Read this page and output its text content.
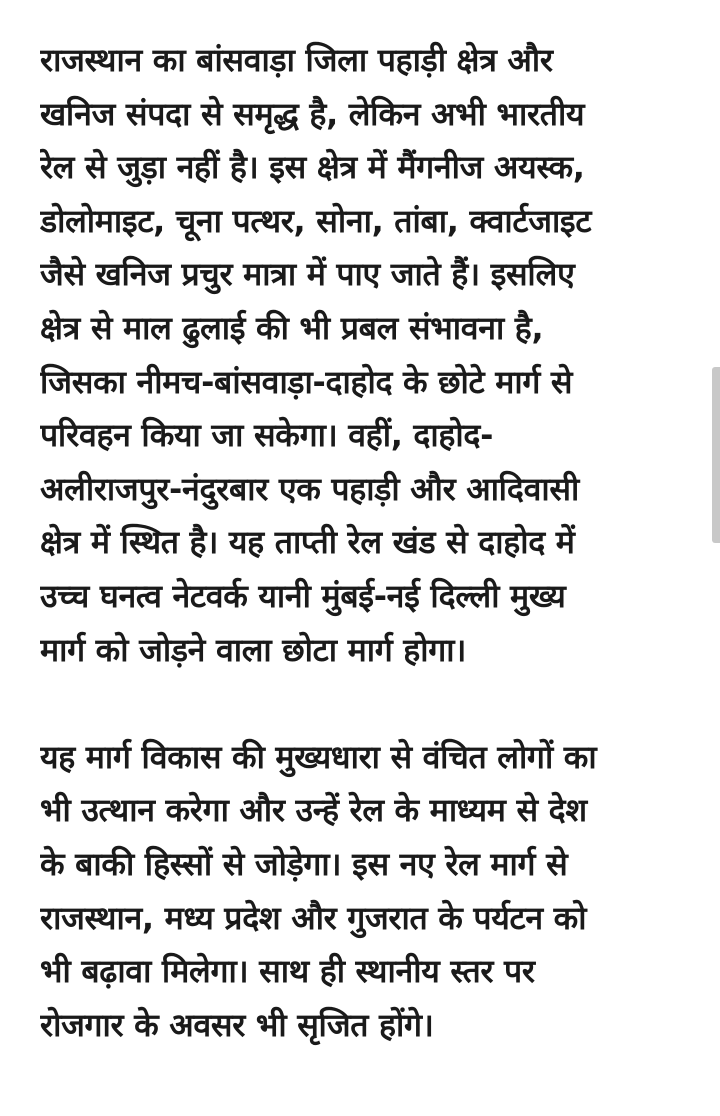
राजस्थान का बांसवाड़ा जिला पहाड़ी क्षेत्र और
खनिज संपदा से समृद्ध है, लेकिन अभी भारतीय
रेल से जुड़ा नहीं है। इस क्षेत्र में मैंगनीज अयस्क,
डोलोमाइट, चूना पत्थर, सोना, तांबा, क्वार्टजाइट
जैसे खनिज प्रचुर मात्रा में पाए जाते हैं। इसलिए
क्षेत्र से माल ढुलाई की भी प्रबल संभावना है,
जिसका नीमच-बांसवाड़ा-दाहोद के छोटे मार्ग से
परिवहन किया जा सकेगा। वहीं, दाहोद-
अलीराजपुर-नंदुरबार एक पहाड़ी और आदिवासी
क्षेत्र में स्थित है। यह ताप्ती रेल खंड से दाहोद में
उच्च घनत्व नेटवर्क यानी मुंबई-नई दिल्ली मुख्य
मार्ग को जोड़ने वाला छोटा मार्ग होगा।

यह मार्ग विकास की मुख्यधारा से वंचित लोगों का
भी उत्थान करेगा और उन्हें रेल के माध्यम से देश
के बाकी हिस्सों से जोड़ेगा। इस नए रेल मार्ग से
राजस्थान, मध्य प्रदेश और गुजरात के पर्यटन को
भी बढ़ावा मिलेगा। साथ ही स्थानीय स्तर पर
रोजगार के अवसर भी सृजित होंगे।
